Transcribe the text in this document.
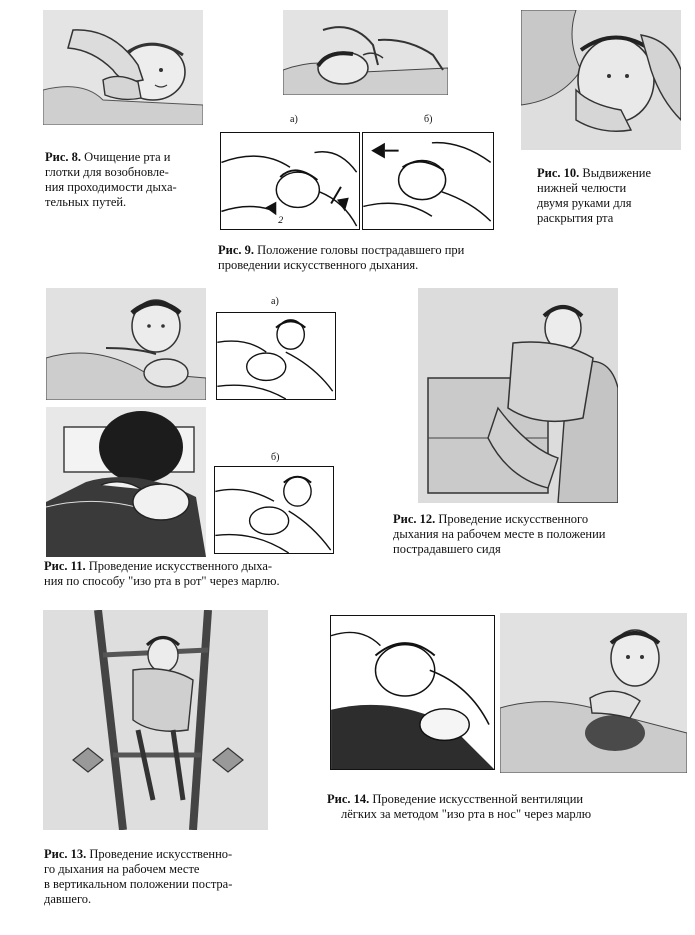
Рис. 8. Очищение рта и
глотки для возобновле-
ния проходимости дыха-
тельных путей.
а)	б)
2
Рис. 9. Положение головы пострадавшего при
проведении искусственного дыхания.
Рис. 10. Выдвижение
нижней челюсти
двумя руками для
раскрытия рта
а)
б)
Рис. 12. Проведение искусственного
дыхания на рабочем месте в положении
пострадавшего сидя
Рис. 11. Проведение искусственного дыха-
ния по способу "изо рта в рот" через марлю.
Рис. 14. Проведение искусственной вентиляции
лёгких за методом "изо рта в нос" через марлю
Рис. 13. Проведение искусственно-
го дыхания на рабочем месте
в вертикальном положении постра-
давшего.
